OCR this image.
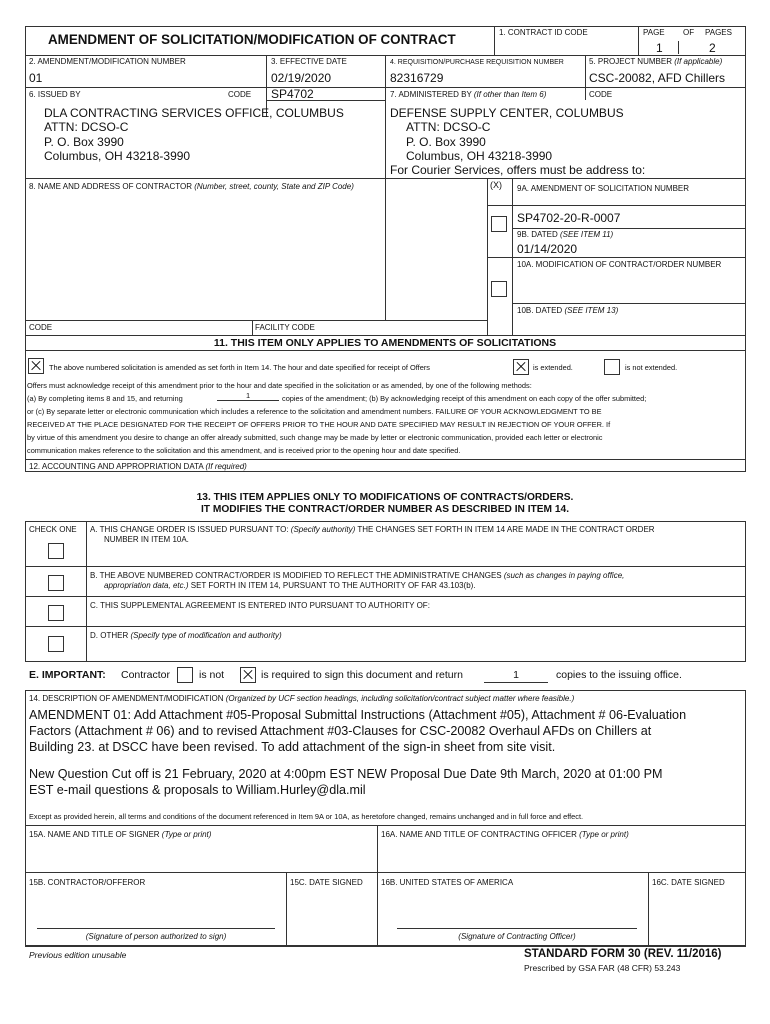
AMENDMENT OF SOLICITATION/MODIFICATION OF CONTRACT	1. CONTRACT ID CODE	PAGE OF PAGES
1	2
2. AMENDMENT/MODIFICATION NUMBER
01
3. EFFECTIVE DATE
02/19/2020
4. REQUISITION/PURCHASE REQUISITION NUMBER
82316729
5. PROJECT NUMBER (If applicable)
CSC-20082, AFD Chillers
6. ISSUED BY	CODE SP4702	7. ADMINISTERED BY (If other than Item 6)	CODE
DLA CONTRACTING SERVICES OFFICE, COLUMBUS
ATTN: DCSO-C
P. O. Box 3990
Columbus, OH 43218-3990
DEFENSE SUPPLY CENTER, COLUMBUS
ATTN: DCSO-C
P. O. Box 3990
Columbus, OH 43218-3990
For Courier Services, offers must be address to:
8. NAME AND ADDRESS OF CONTRACTOR (Number, street, county, State and ZIP Code)	(X) 9A. AMENDMENT OF SOLICITATION NUMBER
SP4702-20-R-0007
9B. DATED (SEE ITEM 11)
01/14/2020
10A. MODIFICATION OF CONTRACT/ORDER NUMBER
10B. DATED (SEE ITEM 13)
CODE	FACILITY CODE
11. THIS ITEM ONLY APPLIES TO AMENDMENTS OF SOLICITATIONS
The above numbered solicitation is amended as set forth in Item 14. The hour and date specified for receipt of Offers	is extended.	is not extended.
Offers must acknowledge receipt of this amendment prior to the hour and date specified in the solicitation or as amended, by one of the following methods:
(a) By completing items 8 and 15, and returning	1	copies of the amendment; (b) By acknowledging receipt of this amendment on each copy of the offer submitted;
or (c) By separate letter or electronic communication which includes a reference to the solicitation and amendment numbers. FAILURE OF YOUR ACKNOWLEDGMENT TO BE
RECEIVED AT THE PLACE DESIGNATED FOR THE RECEIPT OF OFFERS PRIOR TO THE HOUR AND DATE SPECIFIED MAY RESULT IN REJECTION OF YOUR OFFER. If
by virtue of this amendment you desire to change an offer already submitted, such change may be made by letter or electronic communication, provided each letter or electronic
communication makes reference to the solicitation and this amendment, and is received prior to the opening hour and date specified.
12. ACCOUNTING AND APPROPRIATION DATA (If required)
13. THIS ITEM APPLIES ONLY TO MODIFICATIONS OF CONTRACTS/ORDERS.
IT MODIFIES THE CONTRACT/ORDER NUMBER AS DESCRIBED IN ITEM 14.
CHECK ONE A. THIS CHANGE ORDER IS ISSUED PURSUANT TO: (Specify authority) THE CHANGES SET FORTH IN ITEM 14 ARE MADE IN THE CONTRACT ORDER
NUMBER IN ITEM 10A.
B. THE ABOVE NUMBERED CONTRACT/ORDER IS MODIFIED TO REFLECT THE ADMINISTRATIVE CHANGES (such as changes in paying office,
appropriation data, etc.) SET FORTH IN ITEM 14, PURSUANT TO THE AUTHORITY OF FAR 43.103(b).
C. THIS SUPPLEMENTAL AGREEMENT IS ENTERED INTO PURSUANT TO AUTHORITY OF:
D. OTHER (Specify type of modification and authority)
E. IMPORTANT: Contractor	is not	is required to sign this document and return	1	copies to the issuing office.
14. DESCRIPTION OF AMENDMENT/MODIFICATION (Organized by UCF section headings, including solicitation/contract subject matter where feasible.)
AMENDMENT 01: Add Attachment #05-Proposal Submittal Instructions (Attachment #05), Attachment # 06-Evaluation
Factors (Attachment # 06) and to revised Attachment #03-Clauses for CSC-20082 Overhaul AFDs on Chillers at
Building 23. at DSCC have been revised. To add attachment of the sign-in sheet from site visit.
New Question Cut off is 21 February, 2020 at 4:00pm EST NEW Proposal Due Date 9th March, 2020 at 01:00 PM
EST e-mail questions & proposals to William.Hurley@dla.mil
Except as provided herein, all terms and conditions of the document referenced in Item 9A or 10A, as heretofore changed, remains unchanged and in full force and effect.
15A. NAME AND TITLE OF SIGNER (Type or print)	16A. NAME AND TITLE OF CONTRACTING OFFICER (Type or print)
15B. CONTRACTOR/OFFEROR	15C. DATE SIGNED 16B. UNITED STATES OF AMERICA	16C. DATE SIGNED
(Signature of person authorized to sign)	(Signature of Contracting Officer)
Previous edition unusable	STANDARD FORM 30 (REV. 11/2016)
Prescribed by GSA FAR (48 CFR) 53.243
